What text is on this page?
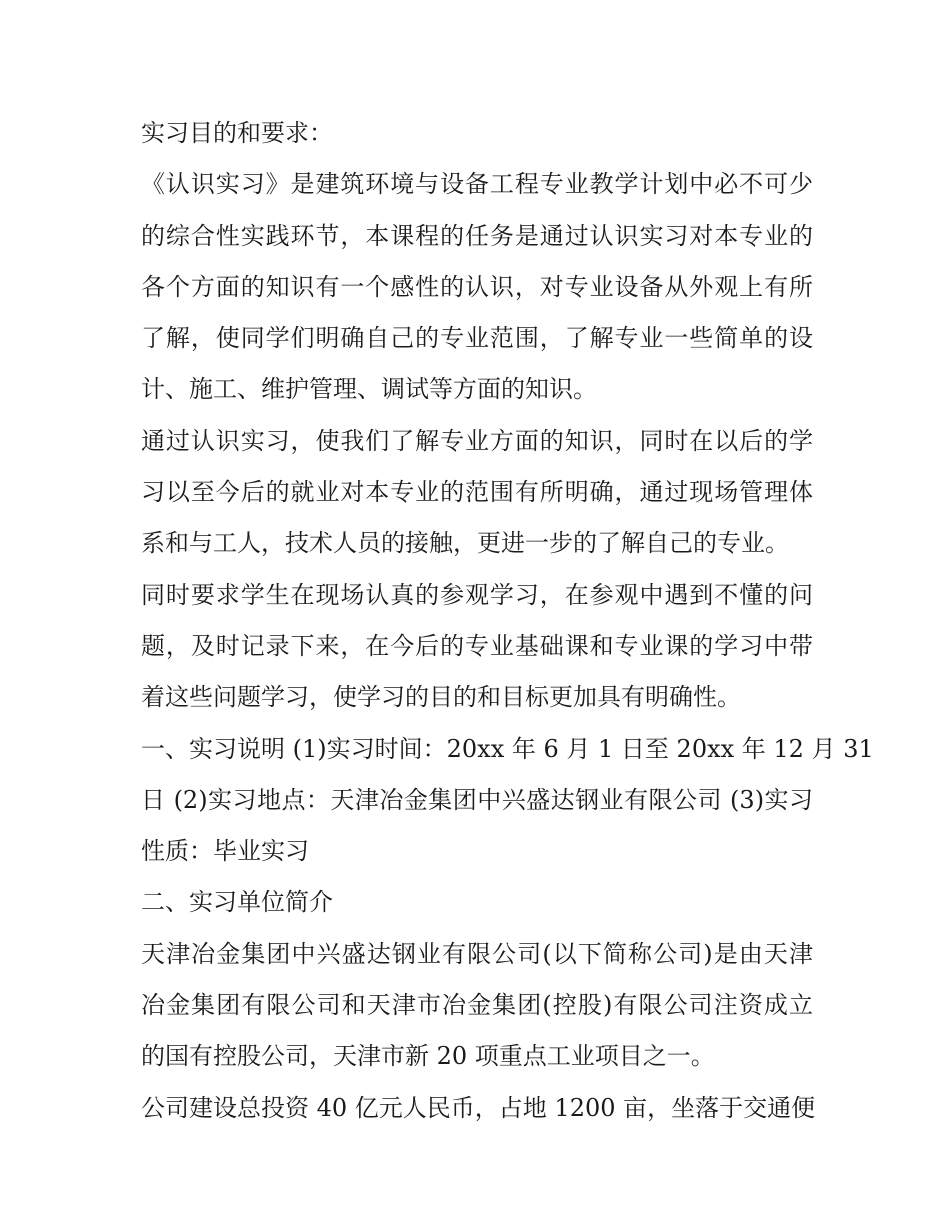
实习目的和要求：
《认识实习》是建筑环境与设备工程专业教学计划中必不可少
的综合性实践环节，本课程的任务是通过认识实习对本专业的
各个方面的知识有一个感性的认识，对专业设备从外观上有所
了解，使同学们明确自己的专业范围，了解专业一些简单的设
计、施工、维护管理、调试等方面的知识。
通过认识实习，使我们了解专业方面的知识，同时在以后的学
习以至今后的就业对本专业的范围有所明确，通过现场管理体
系和与工人，技术人员的接触，更进一步的了解自己的专业。
同时要求学生在现场认真的参观学习，在参观中遇到不懂的问
题，及时记录下来，在今后的专业基础课和专业课的学习中带
着这些问题学习，使学习的目的和目标更加具有明确性。
一、实习说明 (1)实习时间：20xx 年 6 月 1 日至 20xx 年 12 月 31
日 (2)实习地点：天津冶金集团中兴盛达钢业有限公司 (3)实习
性质：毕业实习
二、实习单位简介
天津冶金集团中兴盛达钢业有限公司(以下简称公司)是由天津
冶金集团有限公司和天津市冶金集团(控股)有限公司注资成立
的国有控股公司，天津市新 20 项重点工业项目之一。
公司建设总投资 40 亿元人民币，占地 1200 亩，坐落于交通便
